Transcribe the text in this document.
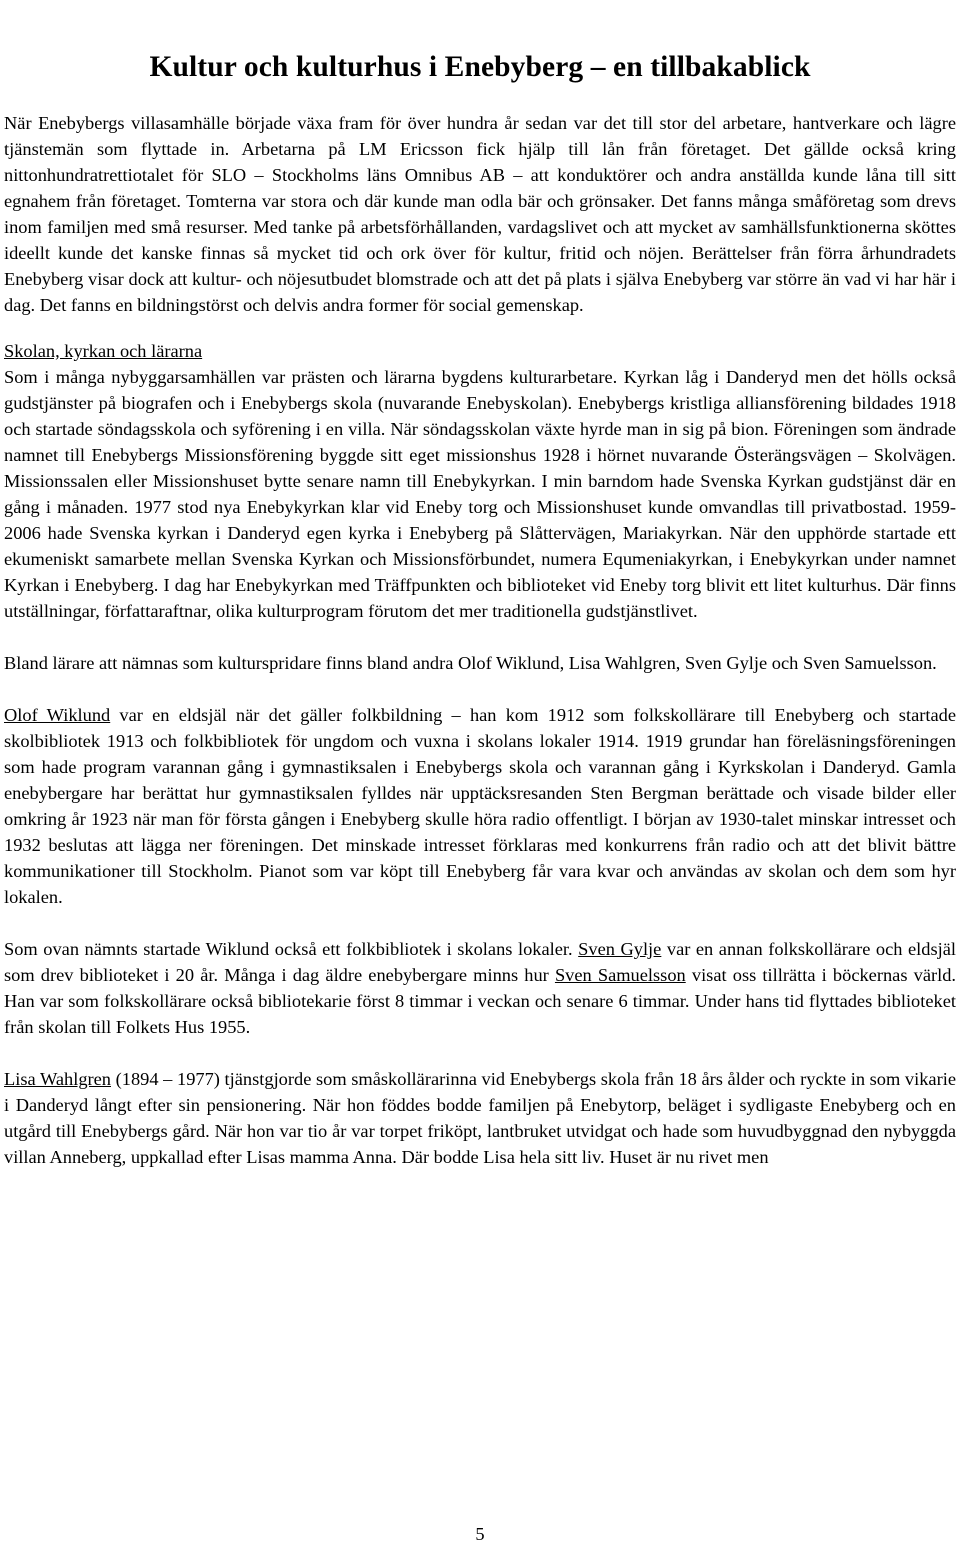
Kultur och kulturhus i Enebyberg – en tillbakablick

När Enebybergs villasamhälle började växa fram för över hundra år sedan var det till stor del arbetare, hantverkare och lägre tjänstemän som flyttade in. Arbetarna på LM Ericsson fick hjälp till lån från företaget. Det gällde också kring nittonhundratrettiotalet för SLO – Stockholms läns Omnibus AB – att konduktörer och andra anställda kunde låna till sitt egnahem från företaget. Tomterna var stora och där kunde man odla bär och grönsaker. Det fanns många småföretag som drevs inom familjen med små resurser. Med tanke på arbetsförhållanden, vardagslivet och att mycket av samhällsfunktionerna sköttes ideellt kunde det kanske finnas så mycket tid och ork över för kultur, fritid och nöjen. Berättelser från förra århundradets Enebyberg visar dock att kultur- och nöjesutbudet blomstrade och att det på plats i själva Enebyberg var större än vad vi har här i dag. Det fanns en bildningstörst och delvis andra former för social gemenskap.

Skolan, kyrkan och lärarna

Som i många nybyggarsamhällen var prästen och lärarna bygdens kulturarbetare. Kyrkan låg i Danderyd men det hölls också gudstjänster på biografen och i Enebybergs skola (nuvarande Enebyskolan). Enebybergs kristliga alliansförening bildades 1918 och startade söndagsskola och syförening i en villa. När söndagsskolan växte hyrde man in sig på bion. Föreningen som ändrade namnet till Enebybergs Missionsförening byggde sitt eget missionshus 1928 i hörnet nuvarande Österängsvägen – Skolvägen. Missionssalen eller Missionshuset bytte senare namn till Enebykyrkan. I min barndom hade Svenska Kyrkan gudstjänst där en gång i månaden. 1977 stod nya Enebykyrkan klar vid Eneby torg och Missionshuset kunde omvandlas till privatbostad. 1959-2006 hade Svenska kyrkan i Danderyd egen kyrka i Enebyberg på Slåttervägen, Mariakyrkan. När den upphörde startade ett ekumeniskt samarbete mellan Svenska Kyrkan och Missionsförbundet, numera Equmeniakyrkan, i Enebykyrkan under namnet Kyrkan i Enebyberg. I dag har Enebykyrkan med Träffpunkten och biblioteket vid Eneby torg blivit ett litet kulturhus. Där finns utställningar, författaraftnar, olika kulturprogram förutom det mer traditionella gudstjänstlivet.

Bland lärare att nämnas som kulturspridare finns bland andra Olof Wiklund, Lisa Wahlgren, Sven Gylje och Sven Samuelsson.

Olof Wiklund var en eldsjäl när det gäller folkbildning – han kom 1912 som folkskollärare till Enebyberg och startade skolbibliotek 1913 och folkbibliotek för ungdom och vuxna i skolans lokaler 1914. 1919 grundar han föreläsningsföreningen som hade program varannan gång i gymnastiksalen i Enebybergs skola och varannan gång i Kyrkskolan i Danderyd. Gamla enebybergare har berättat hur gymnastiksalen fylldes när upptäcksresanden Sten Bergman berättade och visade bilder eller omkring år 1923 när man för första gången i Enebyberg skulle höra radio offentligt. I början av 1930-talet minskar intresset och 1932 beslutas att lägga ner föreningen. Det minskade intresset förklaras med konkurrens från radio och att det blivit bättre kommunikationer till Stockholm. Pianot som var köpt till Enebyberg får vara kvar och användas av skolan och dem som hyr lokalen.

Som ovan nämnts startade Wiklund också ett folkbibliotek i skolans lokaler. Sven Gylje var en annan folkskollärare och eldsjäl som drev biblioteket i 20 år. Många i dag äldre enebybergare minns hur Sven Samuelsson visat oss tillrätta i böckernas värld. Han var som folkskollärare också bibliotekarie först 8 timmar i veckan och senare 6 timmar. Under hans tid flyttades biblioteket från skolan till Folkets Hus 1955.

Lisa Wahlgren (1894 – 1977) tjänstgjorde som småskollärarinna vid Enebybergs skola från 18 års ålder och ryckte in som vikarie i Danderyd långt efter sin pensionering. När hon föddes bodde familjen på Enebytorp, beläget i sydligaste Enebyberg och en utgård till Enebybergs gård. När hon var tio år var torpet friköpt, lantbruket utvidgat och hade som huvudbyggnad den nybyggda villan Anneberg, uppkallad efter Lisas mamma Anna. Där bodde Lisa hela sitt liv. Huset är nu rivet men

5
